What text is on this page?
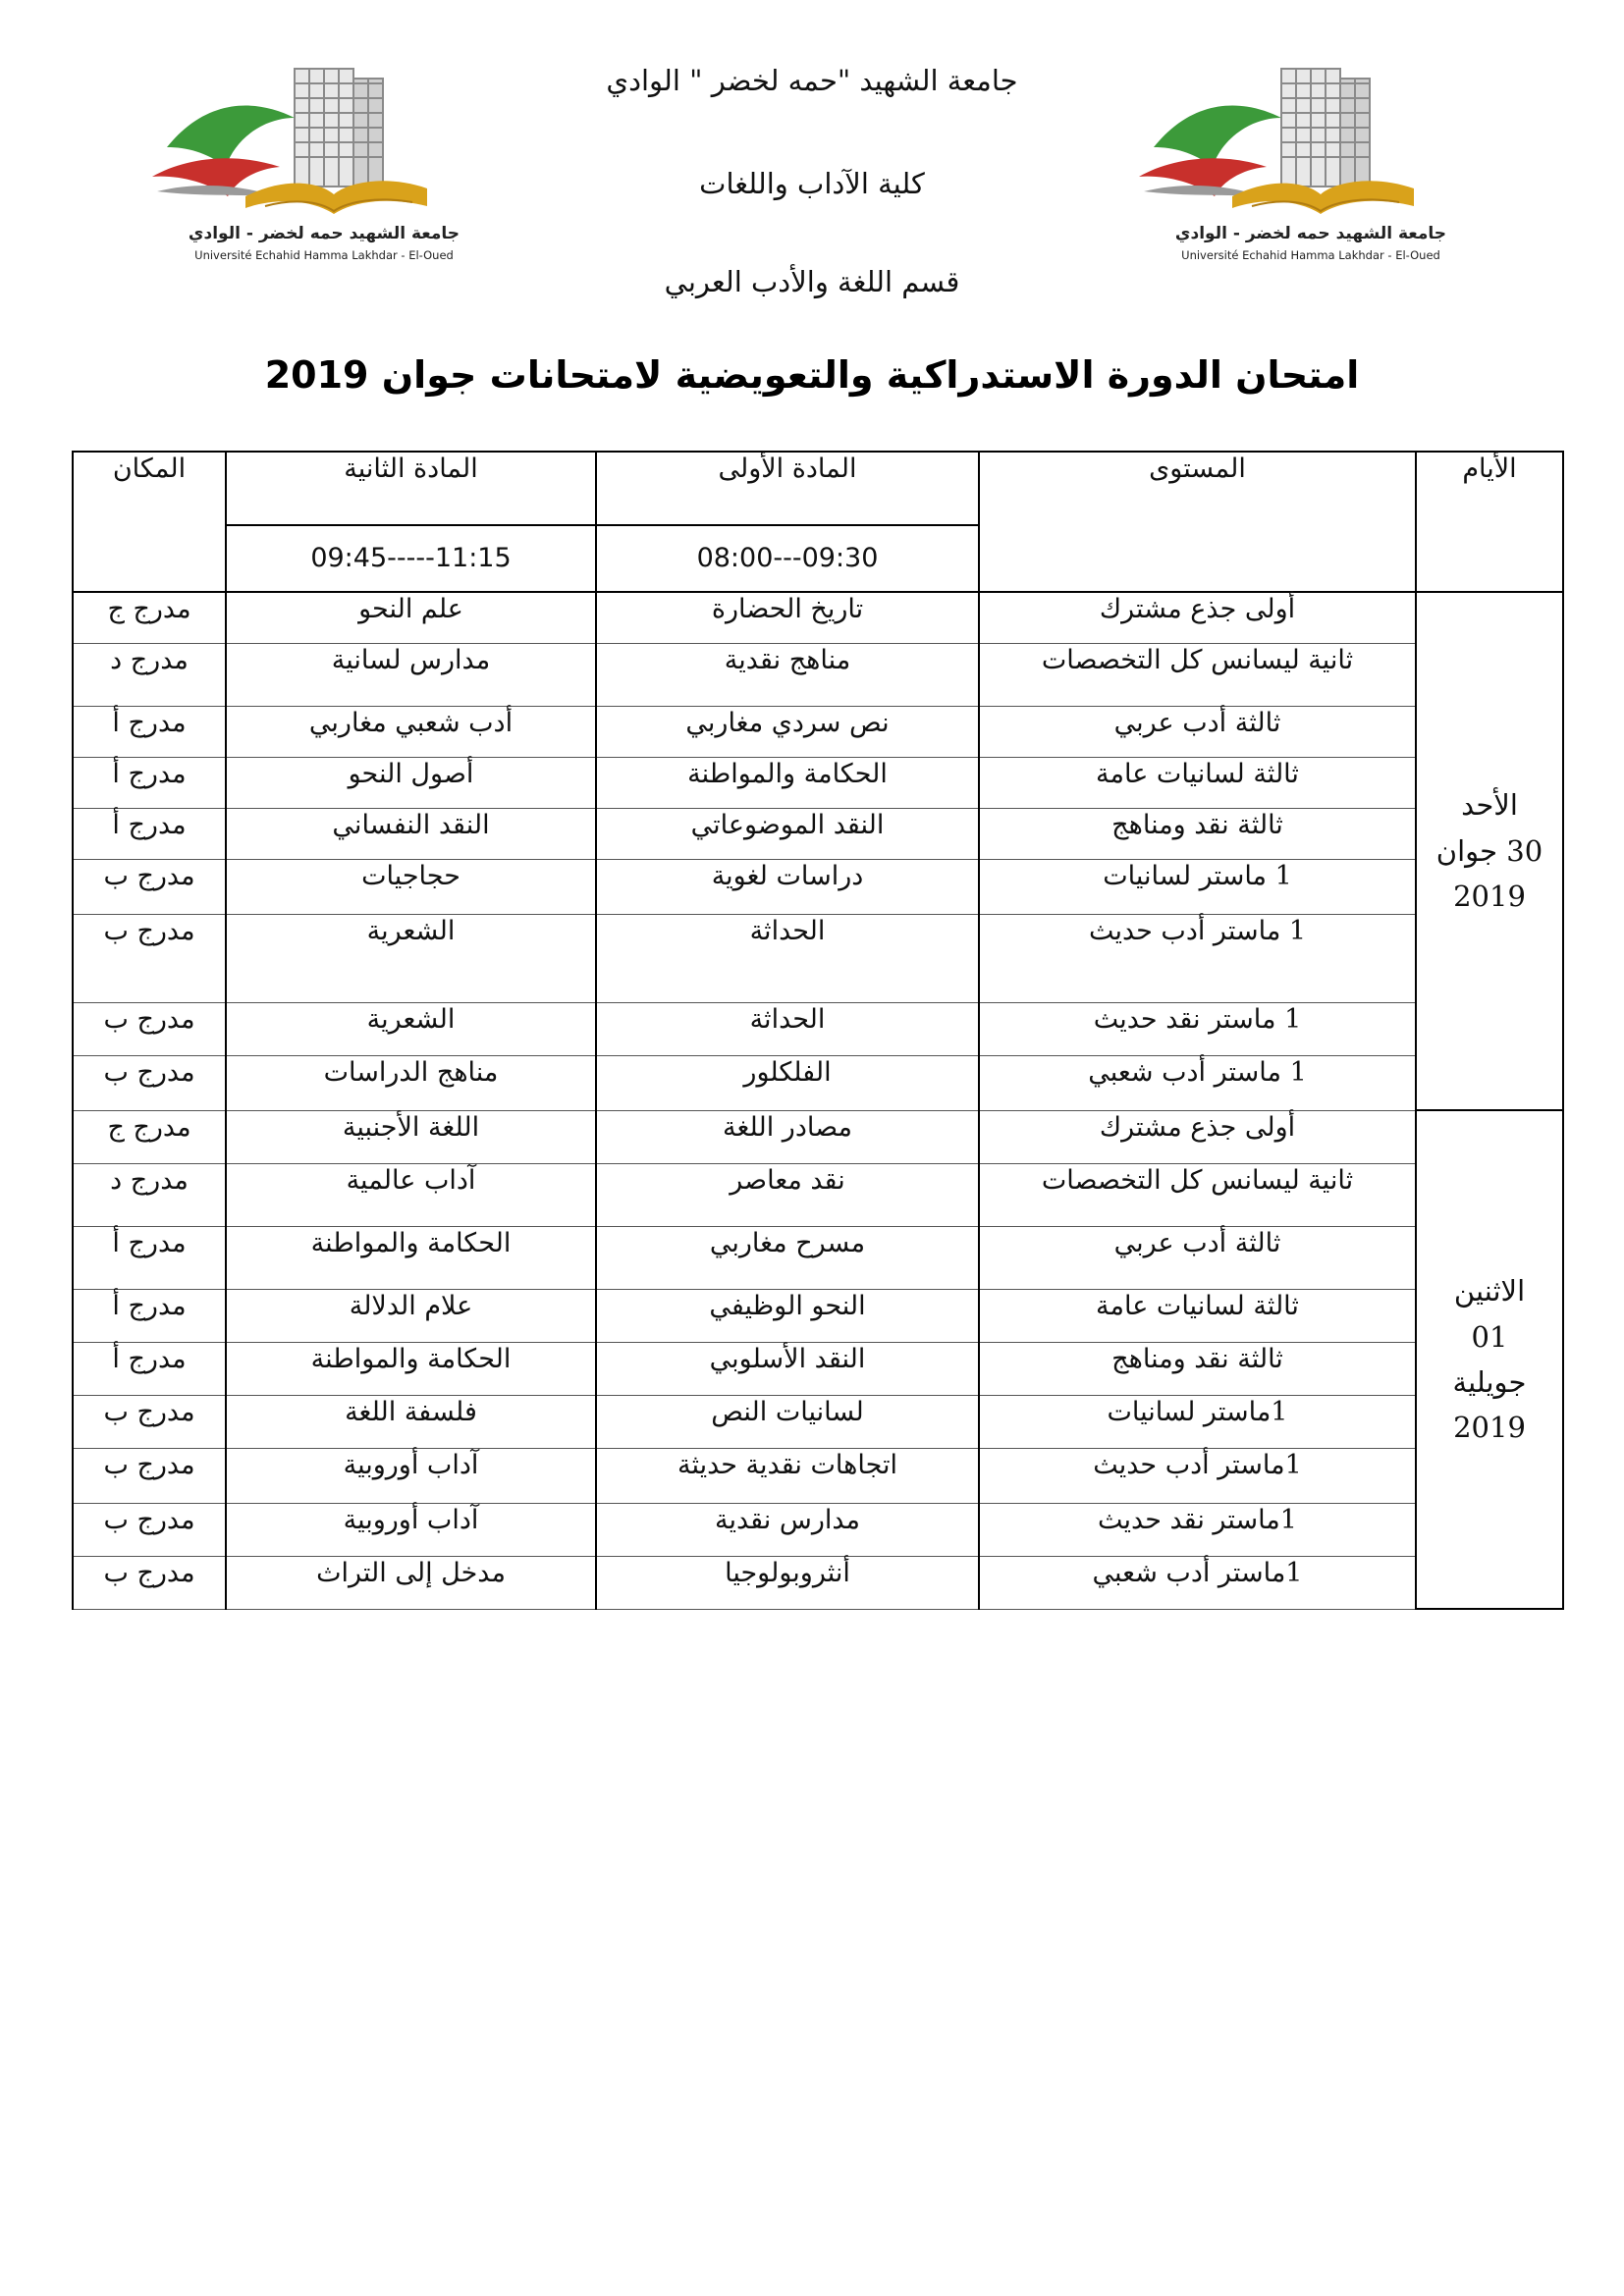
جامعة الشهيد حمه لخضر - الوادي
Université Echahid Hamma Lakhdar - El-Oued
جامعة الشهيد حمه لخضر - الوادي
Université Echahid Hamma Lakhdar - El-Oued
جامعة الشهيد "حمه لخضر " الوادي
كلية الآداب واللغات
قسم اللغة والأدب العربي
امتحان الدورة الاستدراكية والتعويضية لامتحانات جوان 2019
الأيام	المستوى	المادة الأولى	المادة الثانية	المكان
		08:00---09:30	09:45-----11:15	

الأحد
30 جوان
2019	أولى جذع مشترك	تاريخ الحضارة	علم النحو	مدرج ج
	ثانية ليسانس كل التخصصات	مناهج نقدية	مدارس لسانية	مدرج د
	ثالثة أدب عربي	نص سردي مغاربي	أدب شعبي مغاربي	مدرج أ
	ثالثة لسانيات عامة	الحكامة والمواطنة	أصول النحو	مدرج أ
	ثالثة نقد ومناهج	النقد الموضوعاتي	النقد النفساني	مدرج أ
	1 ماستر لسانيات	دراسات لغوية	حجاجيات	مدرج ب
	1 ماستر أدب حديث	الحداثة	الشعرية	مدرج ب
	1 ماستر نقد حديث	الحداثة	الشعرية	مدرج ب
	1 ماستر أدب شعبي	الفلكلور	مناهج الدراسات	مدرج ب

الاثنين
01
جويلية
2019	أولى جذع مشترك	مصادر اللغة	اللغة الأجنبية	مدرج ج
	ثانية ليسانس كل التخصصات	نقد معاصر	آداب عالمية	مدرج د
	ثالثة أدب عربي	مسرح مغاربي	الحكامة والمواطنة	مدرج أ
	ثالثة لسانيات عامة	النحو الوظيفي	علام الدلالة	مدرج أ
	ثالثة نقد ومناهج	النقد الأسلوبي	الحكامة والمواطنة	مدرج أ
	1ماستر لسانيات	لسانيات النص	فلسفة اللغة	مدرج ب
	1ماستر أدب حديث	اتجاهات نقدية حديثة	آداب أوروبية	مدرج ب
	1ماستر نقد حديث	مدارس نقدية	آداب أوروبية	مدرج ب
	1ماستر أدب شعبي	أنثروبولوجيا	مدخل إلى التراث	مدرج ب
